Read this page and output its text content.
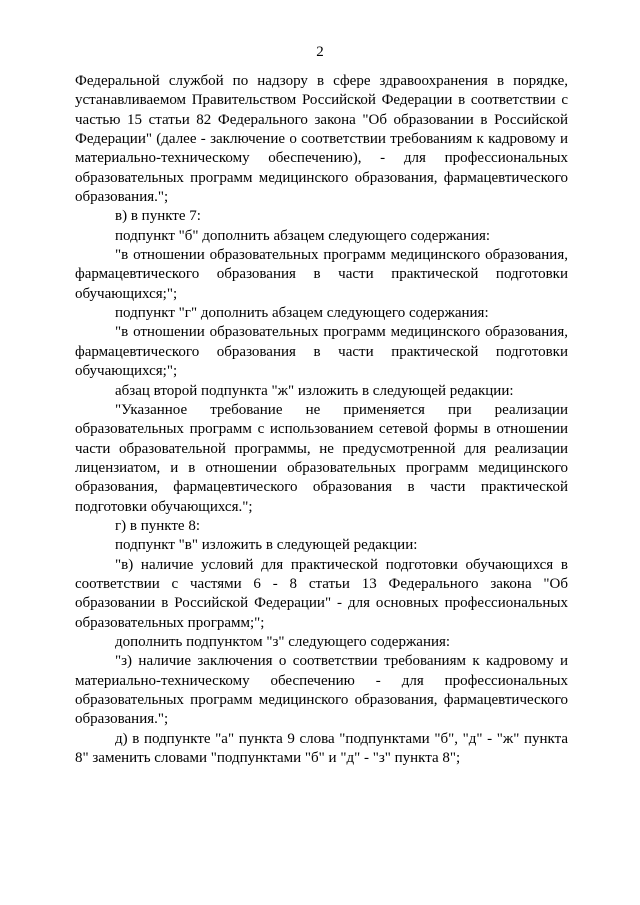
2

Федеральной службой по надзору в сфере здравоохранения в порядке, устанавливаемом Правительством Российской Федерации в соответствии с частью 15 статьи 82 Федерального закона "Об образовании в Российской Федерации" (далее - заключение о соответствии требованиям к кадровому и материально-техническому обеспечению), - для профессиональных образовательных программ медицинского образования, фармацевтического образования.";

в) в пункте 7:

подпункт "б" дополнить абзацем следующего содержания:

"в отношении образовательных программ медицинского образования, фармацевтического образования в части практической подготовки обучающихся;";

подпункт "г" дополнить абзацем следующего содержания:

"в отношении образовательных программ медицинского образования, фармацевтического образования в части практической подготовки обучающихся;";

абзац второй подпункта "ж" изложить в следующей редакции:

"Указанное требование не применяется при реализации образовательных программ с использованием сетевой формы в отношении части образовательной программы, не предусмотренной для реализации лицензиатом, и в отношении образовательных программ медицинского образования, фармацевтического образования в части практической подготовки обучающихся.";

г) в пункте 8:

подпункт "в" изложить в следующей редакции:

"в) наличие условий для практической подготовки обучающихся в соответствии с частями 6 - 8 статьи 13 Федерального закона "Об образовании в Российской Федерации" - для основных профессиональных образовательных программ;";

дополнить подпунктом "з" следующего содержания:

"з) наличие заключения о соответствии требованиям к кадровому и материально-техническому обеспечению - для профессиональных образовательных программ медицинского образования, фармацевтического образования.";

д) в подпункте "а" пункта 9 слова "подпунктами "б", "д" - "ж" пункта 8" заменить словами "подпунктами "б" и "д" - "з" пункта 8";
